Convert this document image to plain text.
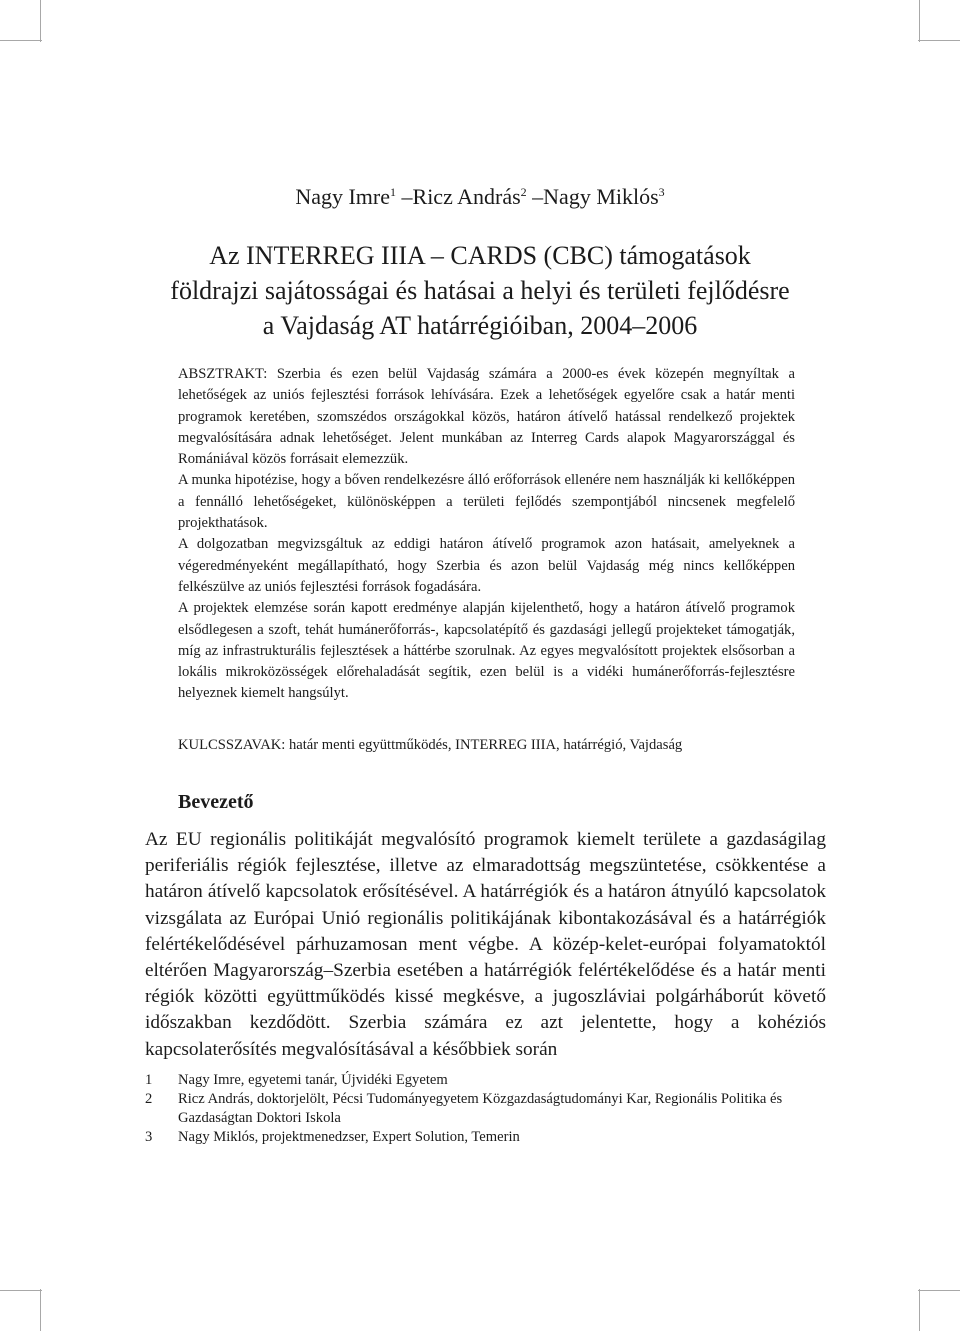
Nagy Imre$^1$ –Ricz András$^2$ –Nagy Miklós$^3$
Az INTERREG IIIA – CARDS (CBC) támogatások
földrajzi sajátosságai és hatásai a helyi és területi fejlődésre
a Vajdaság AT határrégióiban, 2004–2006

ABSZTRAKT: Szerbia és ezen belül Vajdaság számára a 2000-es évek közepén megnyíltak a lehetőségek az uniós fejlesztési források lehívására. Ezek a lehetőségek egyelőre csak a határ menti programok keretében, szomszédos országokkal közös, határon átívelő hatással rendelkező projektek megvalósítására adnak lehetőséget. Jelent munkában az Interreg Cards alapok Magyarországgal és Romániával közös forrásait elemezzük.

A munka hipotézise, hogy a bőven rendelkezésre álló erőforrások ellenére nem használják ki kellőképpen a fennálló lehetőségeket, különösképpen a területi fejlődés szempontjából nincsenek megfelelő projekthatások.

A dolgozatban megvizsgáltuk az eddigi határon átívelő programok azon hatásait, amelyeknek a végeredményeként megállapítható, hogy Szerbia és azon belül Vajdaság még nincs kellőképpen felkészülve az uniós fejlesztési források fogadására.

A projektek elemzése során kapott eredménye alapján kijelenthető, hogy a határon átívelő programok elsődlegesen a szoft, tehát humánerőforrás-, kapcsolatépítő és gazdasági jellegű projekteket támogatják, míg az infrastrukturális fejlesztések a háttérbe szorulnak. Az egyes megvalósított projektek elsősorban a lokális mikroközösségek előrehaladását segítik, ezen belül is a vidéki humánerőforrás-fejlesztésre helyeznek kiemelt hangsúlyt.

KULCSSZAVAK: határ menti együttműködés, INTERREG IIIA, határrégió, Vajdaság
Bevezető

Az EU regionális politikáját megvalósító programok kiemelt területe a gazdaságilag periferiális régiók fejlesztése, illetve az elmaradottság megszüntetése, csökkentése a határon átívelő kapcsolatok erősítésével. A határrégiók és a határon átnyúló kapcsolatok vizsgálata az Európai Unió regionális politikájának kibontakozásával és a határrégiók felértékelődésével párhuzamosan ment végbe. A közép-kelet-európai folyamatoktól eltérően Magyarország–Szerbia esetében a határrégiók felértékelődése és a határ menti régiók közötti együttműködés kissé megkésve, a jugoszláviai polgárháborút követő időszakban kezdődött. Szerbia számára ez azt jelentette, hogy a kohéziós kapcsolaterősítés megvalósításával a későbbiek során

1	Nagy Imre, egyetemi tanár, Újvidéki Egyetem
2	Ricz András, doktorjelölt, Pécsi Tudományegyetem Közgazdaságtudományi Kar, Regionális Politika és Gazdaságtan Doktori Iskola
3	Nagy Miklós, projektmenedzser, Expert Solution, Temerin
